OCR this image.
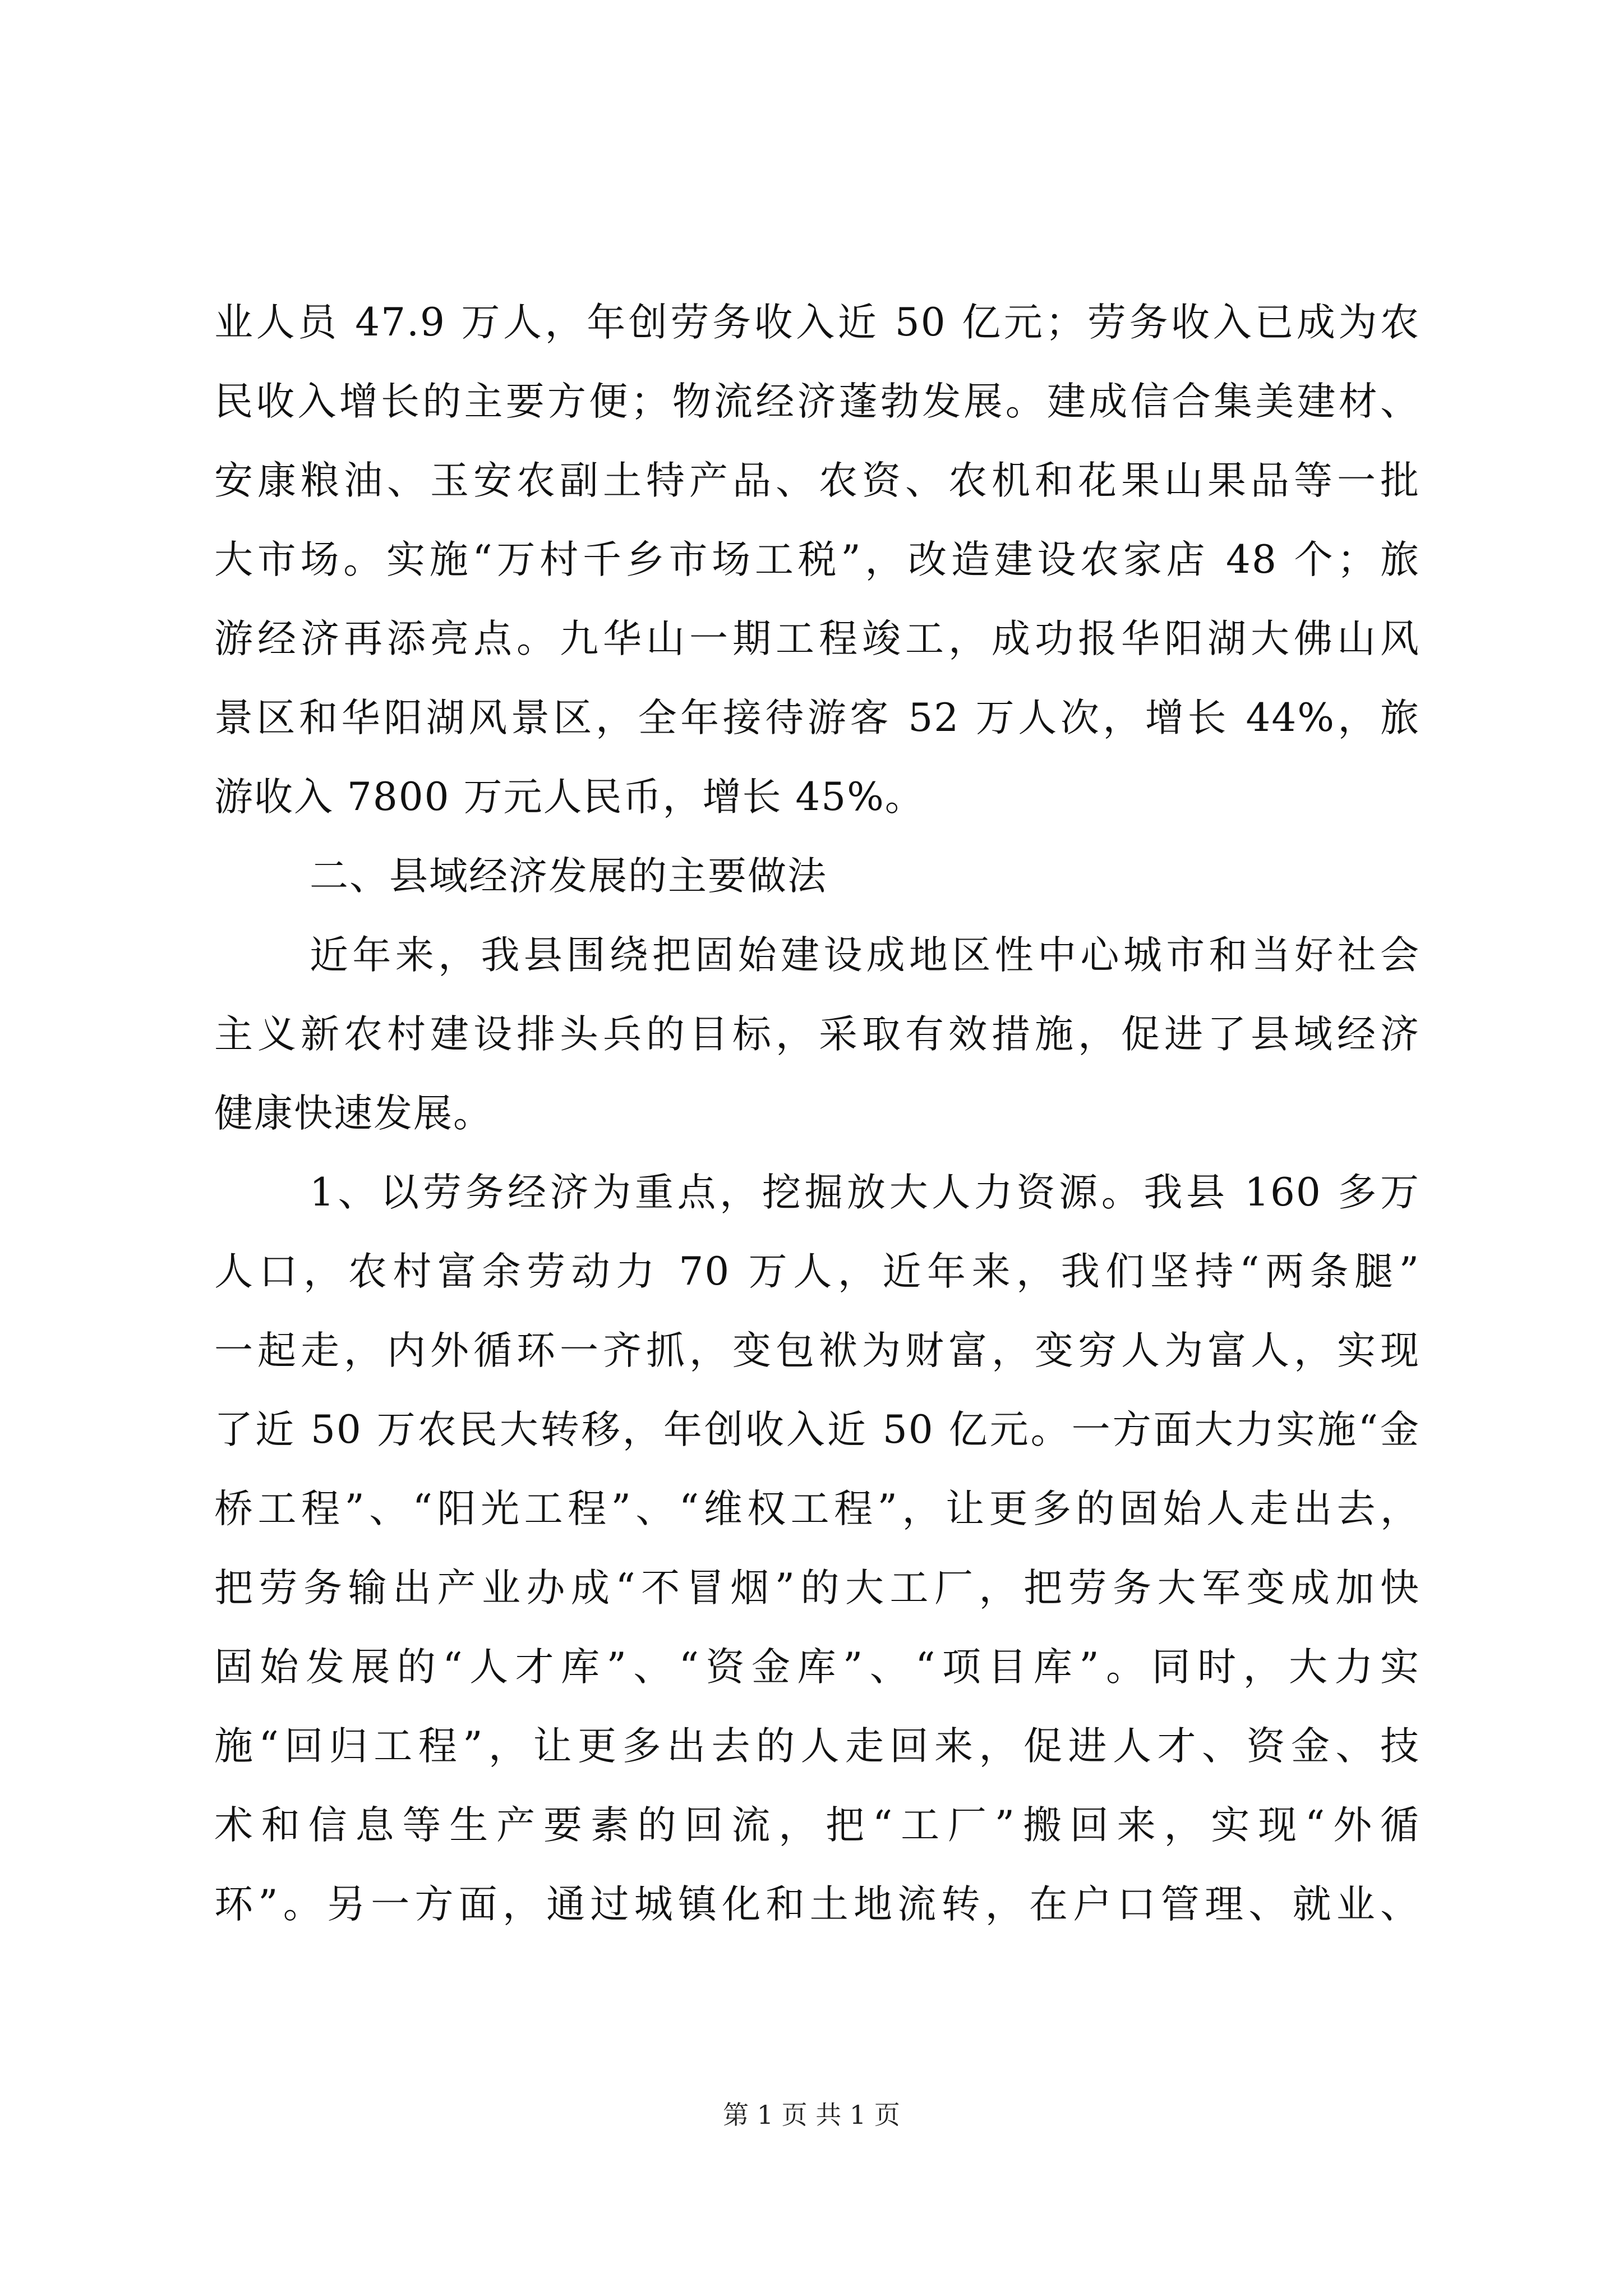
业人员 47.9 万人，年创劳务收入近 50 亿元；劳务收入已成为农
民收入增长的主要方便；物流经济蓬勃发展。建成信合集美建材、
安康粮油、玉安农副土特产品、农资、农机和花果山果品等一批
大市场。实施“万村千乡市场工税”，改造建设农家店 48 个；旅
游经济再添亮点。九华山一期工程竣工，成功报华阳湖大佛山风
景区和华阳湖风景区，全年接待游客 52 万人次，增长 44%，旅
游收入 7800 万元人民币，增长 45%。
二、县域经济发展的主要做法
近年来，我县围绕把固始建设成地区性中心城市和当好社会
主义新农村建设排头兵的目标，采取有效措施，促进了县域经济
健康快速发展。
1、以劳务经济为重点，挖掘放大人力资源。我县 160 多万
人口，农村富余劳动力 70 万人，近年来，我们坚持“两条腿”
一起走，内外循环一齐抓，变包袱为财富，变穷人为富人，实现
了近 50 万农民大转移，年创收入近 50 亿元。一方面大力实施“金
桥工程”、“阳光工程”、“维权工程”，让更多的固始人走出去，
把劳务输出产业办成“不冒烟”的大工厂，把劳务大军变成加快
固始发展的“人才库”、“资金库”、“项目库”。同时，大力实
施“回归工程”，让更多出去的人走回来，促进人才、资金、技
术和信息等生产要素的回流，把“工厂”搬回来，实现“外循
环”。另一方面，通过城镇化和土地流转，在户口管理、就业、
第 1 页 共 1 页
